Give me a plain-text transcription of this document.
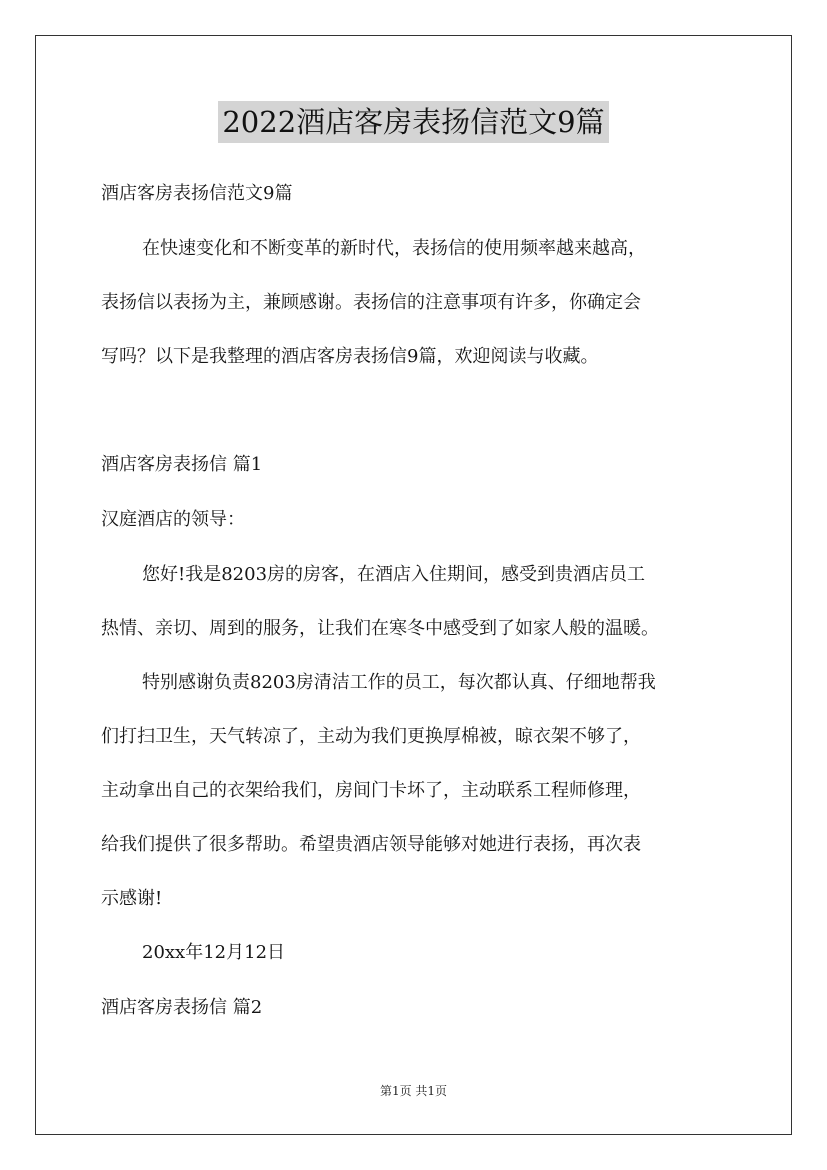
2022酒店客房表扬信范文9篇
酒店客房表扬信范文9篇
在快速变化和不断变革的新时代，表扬信的使用频率越来越高，
表扬信以表扬为主，兼顾感谢。表扬信的注意事项有许多，你确定会
写吗？以下是我整理的酒店客房表扬信9篇，欢迎阅读与收藏。
酒店客房表扬信 篇1
汉庭酒店的领导：
您好!我是8203房的房客，在酒店入住期间，感受到贵酒店员工
热情、亲切、周到的服务，让我们在寒冬中感受到了如家人般的温暖。
特别感谢负责8203房清洁工作的员工，每次都认真、仔细地帮我
们打扫卫生，天气转凉了，主动为我们更换厚棉被，晾衣架不够了，
主动拿出自己的衣架给我们，房间门卡坏了，主动联系工程师修理，
给我们提供了很多帮助。希望贵酒店领导能够对她进行表扬，再次表
示感谢!
20xx年12月12日
酒店客房表扬信 篇2
第1页 共1页
